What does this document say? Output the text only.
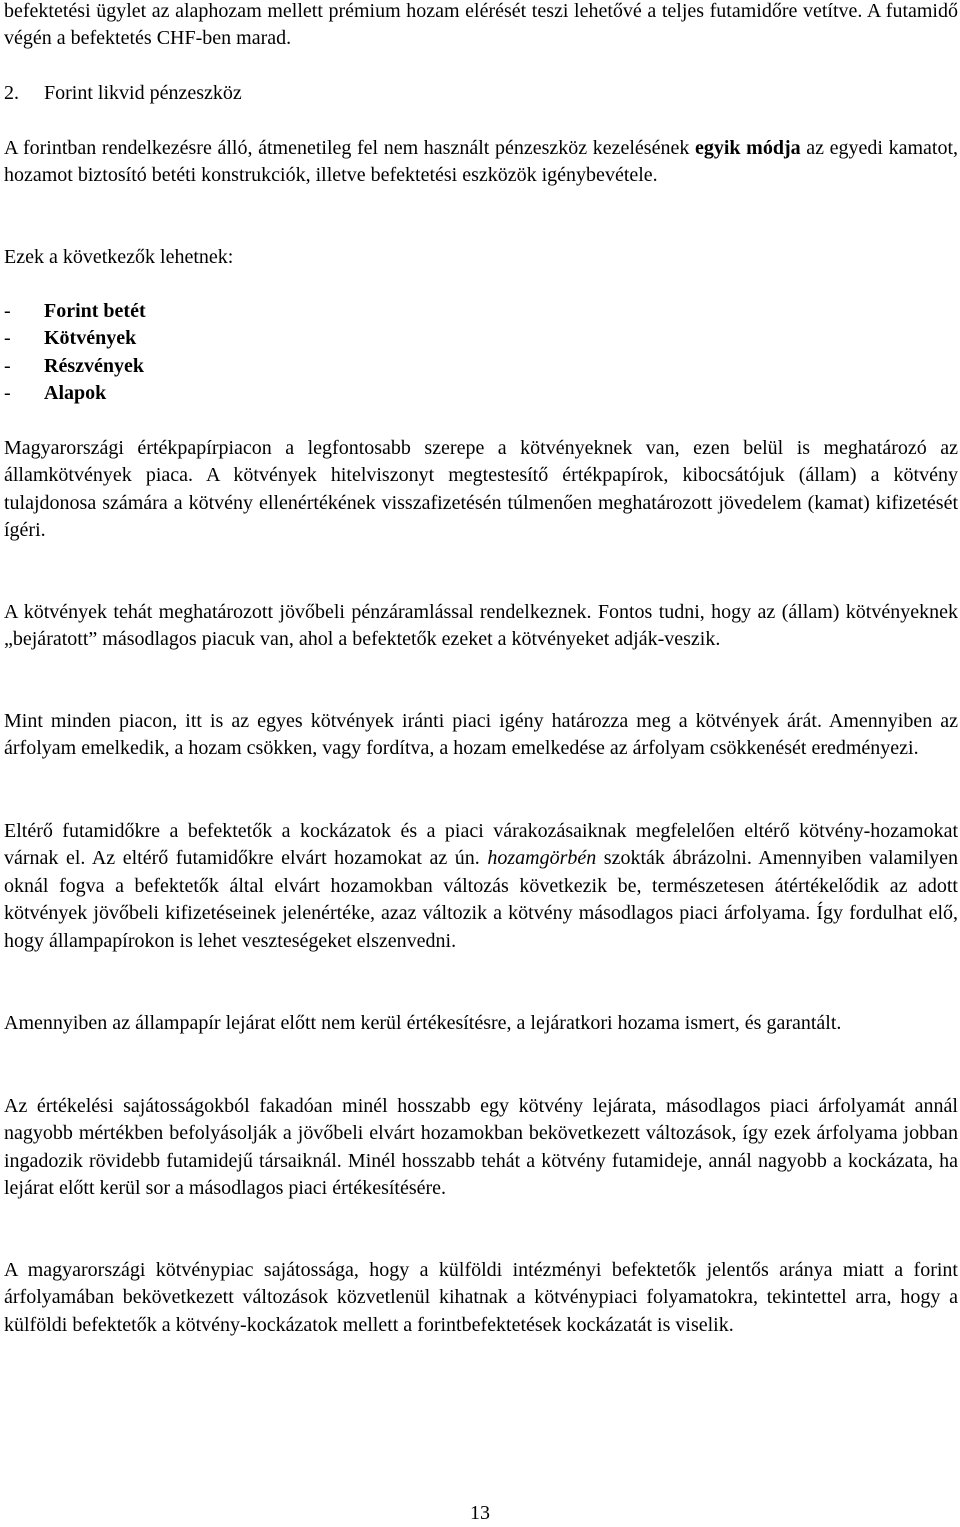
befektetési ügylet az alaphozam mellett prémium hozam elérését teszi lehetővé a teljes futamidőre vetítve. A futamidő végén a befektetés CHF-ben marad.

2. Forint likvid pénzeszköz

A forintban rendelkezésre álló, átmenetileg fel nem használt pénzeszköz kezelésének egyik módja az egyedi kamatot, hozamot biztosító betéti konstrukciók, illetve befektetési eszközök igénybevétele.

Ezek a következők lehetnek:

- Forint betét
- Kötvények
- Részvények
- Alapok

Magyarországi értékpapírpiacon a legfontosabb szerepe a kötvényeknek van, ezen belül is meghatározó az államkötvények piaca. A kötvények hitelviszonyt megtestesítő értékpapírok, kibocsátójuk (állam) a kötvény tulajdonosa számára a kötvény ellenértékének visszafizetésén túlmenően meghatározott jövedelem (kamat) kifizetését ígéri.

A kötvények tehát meghatározott jövőbeli pénzáramlással rendelkeznek. Fontos tudni, hogy az (állam) kötvényeknek „bejáratott” másodlagos piacuk van, ahol a befektetők ezeket a kötvényeket adják-veszik.

Mint minden piacon, itt is az egyes kötvények iránti piaci igény határozza meg a kötvények árát. Amennyiben az árfolyam emelkedik, a hozam csökken, vagy fordítva, a hozam emelkedése az árfolyam csökkenését eredményezi.

Eltérő futamidőkre a befektetők a kockázatok és a piaci várakozásaiknak megfelelően eltérő kötvény-hozamokat várnak el. Az eltérő futamidőkre elvárt hozamokat az ún. hozamgörbén szokták ábrázolni. Amennyiben valamilyen oknál fogva a befektetők által elvárt hozamokban változás következik be, természetesen átértékelődik az adott kötvények jövőbeli kifizetéseinek jelenértéke, azaz változik a kötvény másodlagos piaci árfolyama. Így fordulhat elő, hogy állampapírokon is lehet veszteségeket elszenvedni.

Amennyiben az állampapír lejárat előtt nem kerül értékesítésre, a lejáratkori hozama ismert, és garantált.

Az értékelési sajátosságokból fakadóan minél hosszabb egy kötvény lejárata, másodlagos piaci árfolyamát annál nagyobb mértékben befolyásolják a jövőbeli elvárt hozamokban bekövetkezett változások, így ezek árfolyama jobban ingadozik rövidebb futamidejű társaiknál. Minél hosszabb tehát a kötvény futamideje, annál nagyobb a kockázata, ha lejárat előtt kerül sor a másodlagos piaci értékesítésére.

A magyarországi kötvénypiac sajátossága, hogy a külföldi intézményi befektetők jelentős aránya miatt a forint árfolyamában bekövetkezett változások közvetlenül kihatnak a kötvénypiaci folyamatokra, tekintettel arra, hogy a külföldi befektetők a kötvény-kockázatok mellett a forintbefektetések kockázatát is viselik.

13
